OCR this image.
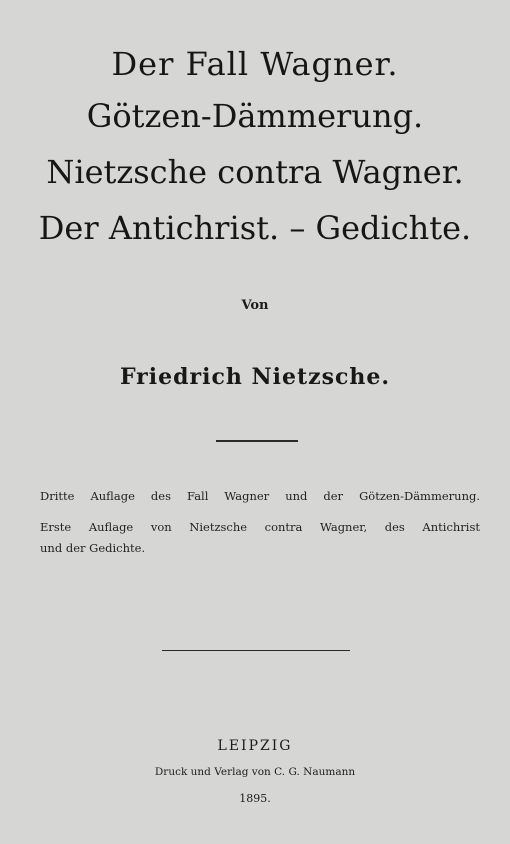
Der Fall Wagner.
Götzen-Dämmerung.
Nietzsche contra Wagner.
Der Antichrist. – Gedichte.
Von
Friedrich Nietzsche.
Dritte Auflage des Fall Wagner und der Götzen-Dämmerung.
Erste Auflage von Nietzsche contra Wagner, des Antichrist
und der Gedichte.
LEIPZIG
Druck und Verlag von C. G. Naumann
1895.
